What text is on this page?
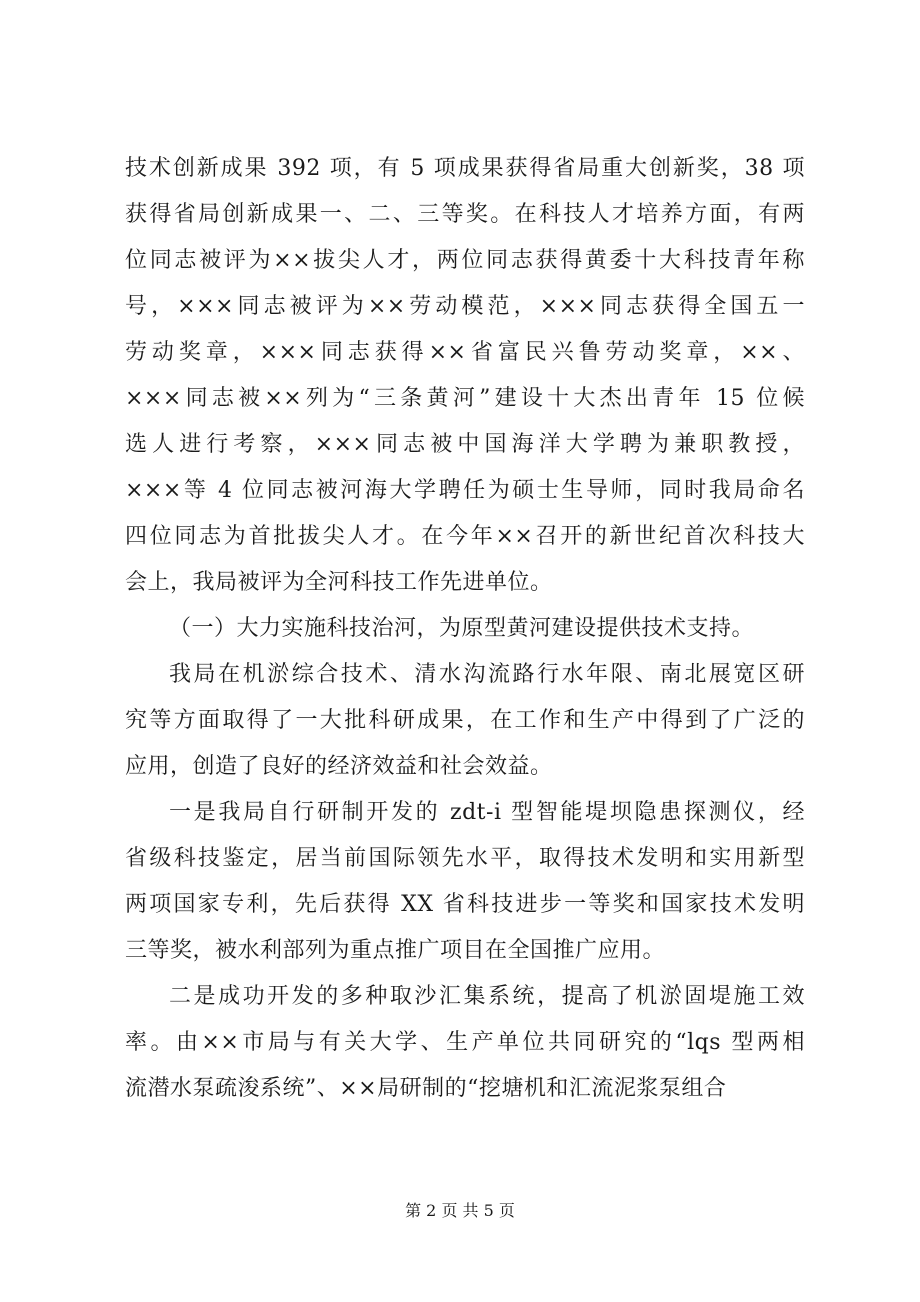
技术创新成果 392 项，有 5 项成果获得省局重大创新奖，38 项
获得省局创新成果一、二、三等奖。在科技人才培养方面，有两
位同志被评为××拔尖人才，两位同志获得黄委十大科技青年称
号，×××同志被评为××劳动模范，×××同志获得全国五一
劳动奖章，×××同志获得××省富民兴鲁劳动奖章，××、
×××同志被××列为“三条黄河”建设十大杰出青年 15 位候
选人进行考察，×××同志被中国海洋大学聘为兼职教授，
×××等 4 位同志被河海大学聘任为硕士生导师，同时我局命名
四位同志为首批拔尖人才。在今年××召开的新世纪首次科技大
会上，我局被评为全河科技工作先进单位。
（一）大力实施科技治河，为原型黄河建设提供技术支持。
我局在机淤综合技术、清水沟流路行水年限、南北展宽区研
究等方面取得了一大批科研成果，在工作和生产中得到了广泛的
应用，创造了良好的经济效益和社会效益。
一是我局自行研制开发的 zdt-i 型智能堤坝隐患探测仪，经
省级科技鉴定，居当前国际领先水平，取得技术发明和实用新型
两项国家专利，先后获得 XX 省科技进步一等奖和国家技术发明
三等奖，被水利部列为重点推广项目在全国推广应用。
二是成功开发的多种取沙汇集系统，提高了机淤固堤施工效
率。由××市局与有关大学、生产单位共同研究的“lqs 型两相
流潜水泵疏浚系统”、××局研制的“挖塘机和汇流泥浆泵组合
第 2 页 共 5 页
